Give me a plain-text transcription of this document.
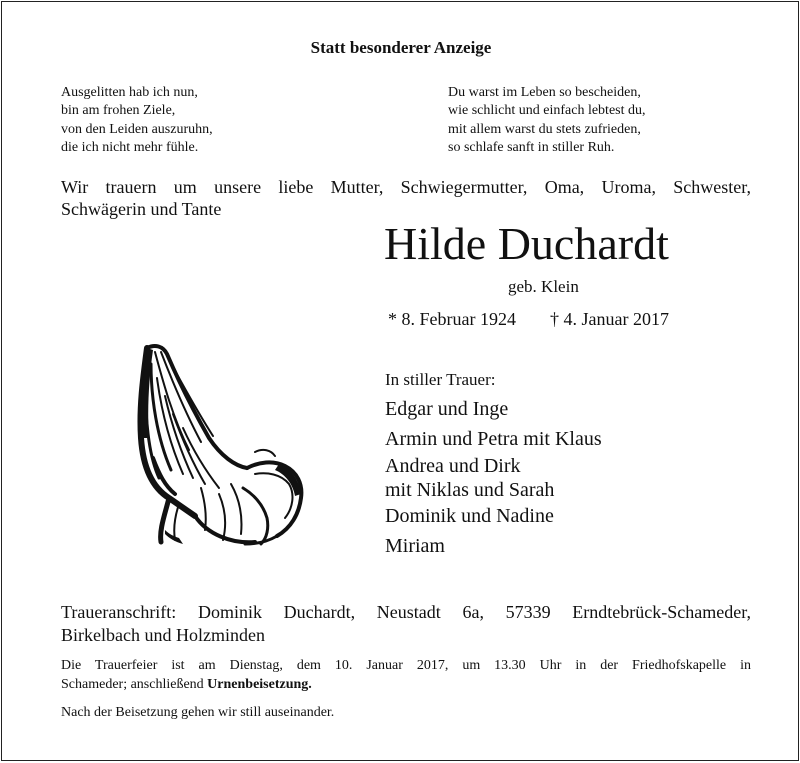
Statt besonderer Anzeige
Ausgelitten hab ich nun,
bin am frohen Ziele,
von den Leiden auszuruhn,
die ich nicht mehr fühle.
Du warst im Leben so bescheiden,
wie schlicht und einfach lebtest du,
mit allem warst du stets zufrieden,
so schlafe sanft in stiller Ruh.
Wir trauern um unsere liebe Mutter, Schwiegermutter, Oma, Uroma, Schwester,
Schwägerin und Tante
Hilde Duchardt
geb. Klein
* 8. Februar 1924 † 4. Januar 2017
In stiller Trauer:
Edgar und Inge
Armin und Petra mit Klaus
Andrea und Dirk
mit Niklas und Sarah
Dominik und Nadine
Miriam
Traueranschrift: Dominik Duchardt, Neustadt 6a, 57339 Erndtebrück-Schameder,
Birkelbach und Holzminden
Die Trauerfeier ist am Dienstag, dem 10. Januar 2017, um 13.30 Uhr in der Friedhofskapelle in
Schameder; anschließend Urnenbeisetzung.
Nach der Beisetzung gehen wir still auseinander.
